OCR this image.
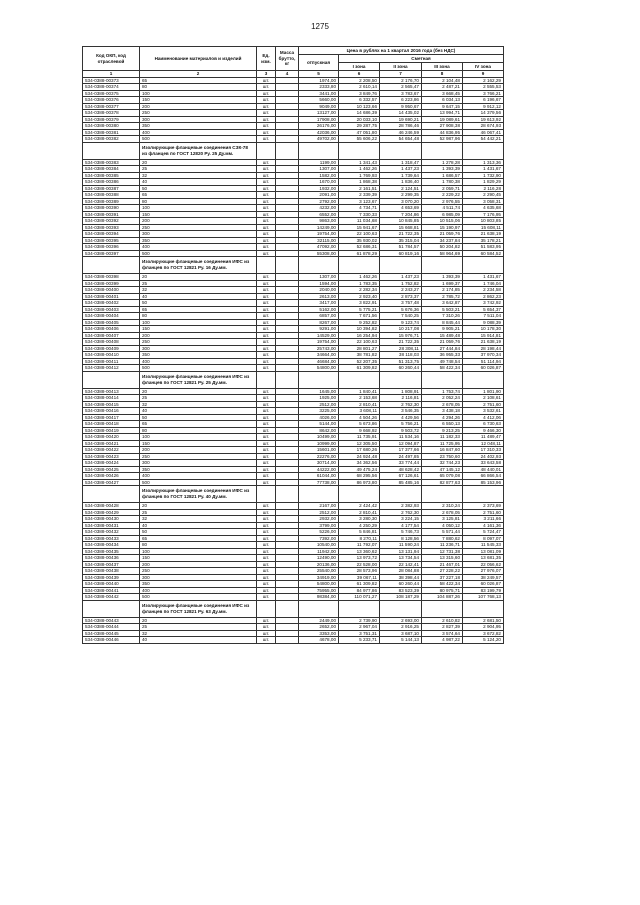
1275
Код ОКП, код отраслевой	Наименование материалов и изделий	Ед. изм.	Масса брутто, кг	Цена в рублях на 1 квартал 2016 года (без НДС)				
				отпускная	Сметная			
					I зона	II зона	III зона	IV зона
1	2	3	4	5	6	7	8	9
534-0388-00373	65	шт.		1974,00	2 208,50	2 176,70	2 104,48	2 162,29
534-0388-00374	80	шт.		2333,80	2 610,14	2 565,47	2 487,21	2 555,53
534-0388-00375	100	шт.		3441,00	3 849,76	3 783,67	3 668,45	3 766,21
534-0388-00376	150	шт.		5660,00	6 332,57	6 223,86	6 034,13	6 196,67
534-0388-00377	200	шт.		9049,00	10 123,66	9 950,67	9 647,15	9 912,12
534-0388-00378	250	шт.		13127,00	14 686,39	14 435,02	13 994,71	14 379,56
534-0388-00379	300	шт.		17908,00	20 033,10	19 690,21	19 089,61	19 613,92
534-0388-00380	350	шт.		26176,00	29 287,75	28 786,46	27 908,38	28 674,93
534-0388-00381	400	шт.		42036,00	47 051,80	46 246,59	44 836,95	46 067,41
534-0388-00382	500	шт.		49702,00	55 606,22	54 654,48	52 987,96	54 442,21
	Изолирующие фланцевые соединения СЗК-78 из фланцев по ГОСТ 12820 Ру. 25 Ду.мм.							
534-0388-00383	20	шт.		1199,00	1 341,43	1 318,47	1 278,28	1 313,36
534-0388-00384	25	шт.		1307,00	1 462,26	1 437,23	1 393,39	1 431,67
534-0388-00385	32	шт.		1582,00	1 769,93	1 739,64	1 686,57	1 732,90
534-0388-00386	40	шт.		1670,00	1 868,38	1 836,40	1 780,38	1 829,29
534-0388-00387	50	шт.		1932,00	2 161,51	2 124,51	2 059,71	2 116,28
534-0388-00388	65	шт.		2091,00	2 339,39	2 299,35	2 229,22	2 290,45
534-0388-00389	80	шт.		2792,00	3 123,67	3 070,20	2 976,55	3 058,31
534-0388-00390	100	шт.		4232,00	4 734,71	4 653,69	4 511,74	4 635,68
534-0388-00391	150	шт.		6552,00	7 330,33	7 204,86	6 985,09	7 176,95
534-0388-00392	200	шт.		9863,00	11 034,68	10 845,85	10 515,06	10 803,85
534-0388-00393	250	шт.		14249,00	15 941,67	15 668,81	15 190,97	15 608,11
534-0388-00394	300	шт.		19754,00	22 100,63	21 722,35	21 059,76	21 638,19
534-0388-00395	350	шт.		32115,00	35 930,02	35 315,04	34 237,84	35 178,21
534-0388-00396	400	шт.		47092,00	52 686,31	51 784,57	50 204,82	51 583,95
534-0388-00397	500	шт.		55308,00	61 878,29	60 819,16	58 964,69	60 584,52
	Изолирующие фланцевые соединения ИФС из фланцев по ГОСТ 12821 Ру. 16 Ду.мм.							
534-0388-00398	20	шт.		1307,00	1 462,26	1 437,23	1 393,39	1 431,67
534-0388-00399	25	шт.		1594,00	1 783,35	1 752,82	1 699,37	1 746,04
534-0388-00400	32	шт.		2040,00	2 282,34	2 243,27	2 174,85	2 234,58
534-0388-00401	40	шт.		2613,00	2 923,40	2 873,37	2 785,72	2 862,23
534-0388-00402	50	шт.		3417,00	3 822,91	3 757,48	3 642,87	3 742,92
534-0388-00403	65	шт.		5162,00	5 775,21	5 676,36	5 503,21	5 654,37
534-0388-00404	80	шт.		6857,00	7 671,56	7 540,25	7 310,26	7 511,04
534-0388-00405	100	шт.		8267,00	9 252,82	9 123,74	8 845,44	9 088,39
534-0388-00406	150	шт.		9291,00	10 394,82	10 217,08	9 905,21	10 178,30
534-0388-00407	200	шт.		14529,00	16 254,94	15 976,71	15 489,48	15 914,81
534-0388-00408	250	шт.		19754,00	22 100,63	21 722,35	21 059,76	21 638,19
534-0388-00409	300	шт.		25743,00	28 801,27	28 308,11	27 444,84	28 198,44
534-0388-00410	350	шт.		34664,00	38 781,82	38 118,03	36 955,33	37 970,34
534-0388-00411	400	шт.		46684,00	52 207,35	51 313,75	49 748,54	51 114,94
534-0388-00412	500	шт.		54800,00	61 309,82	60 260,44	58 422,34	60 026,87
	Изолирующие фланцевые соединения ИФС из фланцев по ГОСТ 12821 Ру. 25 Ду.мм.							
534-0388-00413	20	шт.		1645,00	1 840,41	1 808,91	1 753,74	1 801,90
534-0388-00414	25	шт.		1925,00	2 153,68	2 116,81	2 052,24	2 108,61
534-0388-00415	32	шт.		2512,00	2 810,41	2 762,30	2 678,05	2 751,60
534-0388-00416	40	шт.		3225,00	3 608,11	3 546,35	3 438,18	3 532,61
534-0388-00417	50	шт.		4026,00	4 504,26	4 429,56	4 294,26	4 412,06
534-0388-00418	65	шт.		5144,00	5 673,86	5 756,21	6 550,13	6 730,63
534-0388-00419	80	шт.		8642,00	9 668,92	9 503,72	9 213,25	9 466,30
534-0388-00420	100	шт.		10499,00	11 735,91	11 534,16	11 182,33	11 489,47
534-0388-00421	150	шт.		10999,00	12 305,50	12 094,87	11 725,95	12 048,11
534-0388-00422	200	шт.		15601,00	17 680,26	17 377,66	16 847,60	17 310,33
534-0388-00423	250	шт.		22276,00	24 924,48	24 497,85	23 750,60	24 402,93
534-0388-00424	300	шт.		30714,00	34 362,56	33 774,44	32 744,23	33 643,58
534-0388-00425	350	шт.		44222,00	49 475,24	48 628,42	47 145,12	48 440,01
534-0388-00426	400	шт.		61044,00	68 295,56	67 126,61	65 079,08	66 866,54
534-0388-00427	500	шт.		77738,00	86 973,80	85 485,16	82 877,63	85 153,96
	Изолирующие фланцевые соединения ИФС из фланцев по ГОСТ 12821 Ру. 40 Ду.мм.							
534-0388-00428	20	шт.		2167,00	2 424,42	2 382,93	2 310,24	2 373,69
534-0388-00429	25	шт.		2512,00	2 810,41	2 762,30	2 678,05	2 751,60
534-0388-00430	32	шт.		2932,00	3 280,30	3 224,15	3 125,81	3 211,66
534-0388-00431	40	шт.		3799,00	4 250,29	4 177,54	4 050,12	4 161,36
534-0388-00432	50	шт.		5226,00	5 846,81	5 746,73	5 571,44	5 724,47
534-0388-00433	65	шт.		7392,00	8 270,11	8 128,56	7 880,62	8 097,07
534-0388-00434	80	шт.		10540,00	11 792,07	11 590,24	11 236,71	11 545,33
534-0388-00435	100	шт.		11942,00	13 360,62	13 131,94	12 731,38	13 081,09
534-0388-00436	150	шт.		12490,00	13 973,72	13 734,54	13 315,60	13 681,35
534-0388-00437	200	шт.		20136,00	22 528,00	22 142,41	21 467,01	22 056,62
534-0388-00438	250	шт.		25540,00	28 573,96	28 084,88	27 228,22	27 976,07
534-0388-00439	300	шт.		34919,00	39 067,11	38 398,44	37 227,18	38 249,57
534-0388-00440	350	шт.		54800,00	61 309,82	60 260,44	58 422,34	60 026,87
534-0388-00441	400	шт.		75955,00	84 977,86	83 523,39	80 975,71	83 199,79
534-0388-00442	500	шт.		98384,00	110 071,27	108 187,29	104 887,26	107 768,13
	Изолирующие фланцевые соединения ИФС из фланцев по ГОСТ 12821 Ру. 63 Ду.мм.							
534-0388-00443	20	шт.		2449,00	2 739,90	2 693,00	2 610,82	2 681,50
534-0388-00444	25	шт.		2652,00	2 967,04	2 916,25	2 827,39	2 904,95
534-0388-00445	32	шт.		3353,00	3 751,31	3 687,10	3 574,64	3 672,82
534-0388-00446	40	шт.		4678,00	5 233,71	5 144,13	4 987,22	5 124,20
